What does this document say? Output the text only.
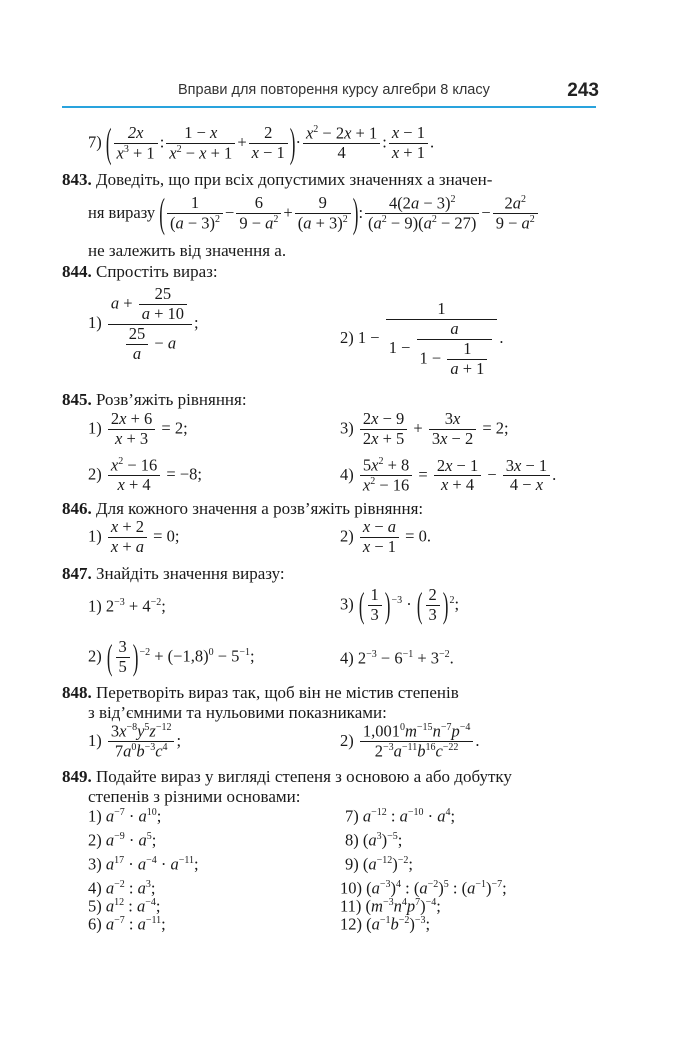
Вправи для повторення курсу алгебри 8 класу	243
7) ( $\frac{2x}{x^3 + 1}$ : $\frac{1 - x}{x^2 - x + 1} + \frac{2}{x - 1}$ )· $\frac{x^2 - 2x + 1}{4}$ : $\frac{x - 1}{x + 1}$ .
843. Доведіть, що при всіх допустимих значеннях a значен-
ня виразу ( $\frac{1}{(a - 3)^2} - \frac{6}{9 - a^2} + \frac{9}{(a + 3)^2}$ ): $\frac{4(2a - 3)^2}{(a^2 - 9)(a^2 - 27)} - \frac{2a^2}{9 - a^2}$
не залежить від значення a.
844. Спростіть вираз:
$1) \frac{a + \frac{25}{a + 10}}{\frac{25}{a} - a}$ ;
2) $1 - \frac{1}{1 - \frac{a}{1 - \frac{1}{a + 1}}}$ .
845. Розв’яжіть рівняння:
$1) \frac{2x + 6}{x + 3} = 2$;	$3) \frac{2x - 9}{2x + 5} + \frac{3x}{3x - 2} = 2$;
$2) \frac{x^2 - 16}{x + 4} = -8$;	$4) \frac{5x^2 + 8}{x^2 - 16} = \frac{2x - 1}{x + 4} - \frac{3x - 1}{4 - x}$ .
846. Для кожного значення a розв’яжіть рівняння:
$1) \frac{x + 2}{x + a} = 0$;	$2) \frac{x - a}{x - 1} = 0$.
847. Знайдіть значення виразу:
1) $2^{-3} + 4^{-2}$;	3) ( $\frac{1}{3} )^{-3}$ · ( $\frac{2}{3} )^2$;
2) ( $\frac{3}{5} )^{-2} + (-1,8)^0 - 5^{-1}$;	4) $2^{-3} - 6^{-1} + 3^{-2}$.
848. Перетворіть вираз так, щоб він не містив степенів
з від’ємними та нульовими показниками:
$1) \frac{3x^{-8}y^5z^{-12}}{7a^0b^{-3}c^4}$ ;	$2) \frac{1,001^0m^{-15}n^{-7}p^{-4}}{2^{-3}a^{-11}b^{16}c^{-22}}$ .
849. Подайте вираз у вигляді степеня з основою a або добутку
степенів з різними основами:
1) $a^{-7} \cdot a^{10}$;	7) $a^{-12}$ : $a^{-10} \cdot a^4$;
2) $a^{-9} \cdot a^5$;	8) $(a^3)^{-5}$;
3) $a^{17} \cdot a^{-4} \cdot a^{-11}$;	9) $(a^{-12})^{-2}$;
4) $a^{-2}$ : $a^3$;	10) $(a^{-3})^4$ : $(a^{-2})^5$ : $(a^{-1})^{-7}$;
5) $a^{12}$ : $a^{-4}$;	11) $(m^{-3}n^4p^7)^{-4}$;
6) $a^{-7}$ : $a^{-11}$;	12) $(a^{-1}b^{-2})^{-3}$;
